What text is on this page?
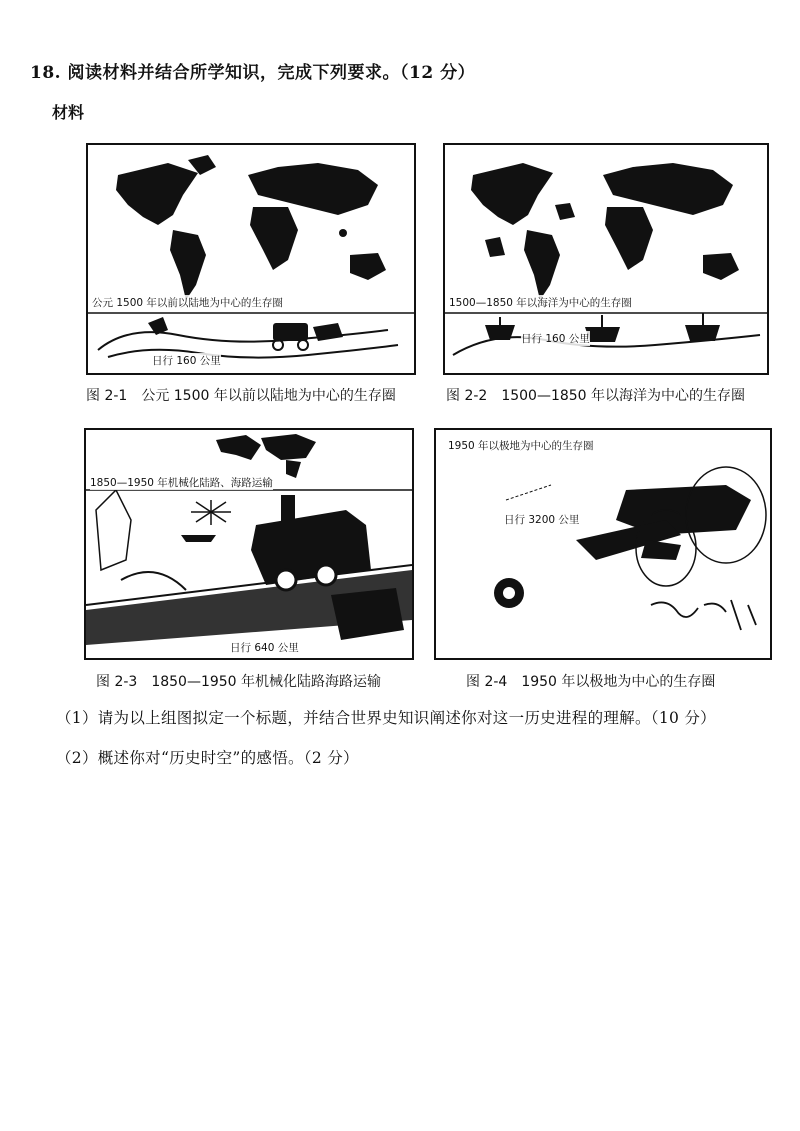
18. 阅读材料并结合所学知识，完成下列要求。（12 分）
材料
公元 1500 年以前以陆地为中心的生存圈
日行 160 公里
图 2-1　公元 1500 年以前以陆地为中心的生存圈
1500—1850 年以海洋为中心的生存圈
日行 160 公里
图 2-2　1500—1850 年以海洋为中心的生存圈
1850—1950 年机械化陆路、海路运输
日行 640 公里
图 2-3　1850—1950 年机械化陆路海路运输
1950 年以极地为中心的生存圈
日行 3200 公里
图 2-4　1950 年以极地为中心的生存圈
（1）请为以上组图拟定一个标题，并结合世界史知识阐述你对这一历史进程的理解。（10 分）
（2）概述你对“历史时空”的感悟。（2 分）
